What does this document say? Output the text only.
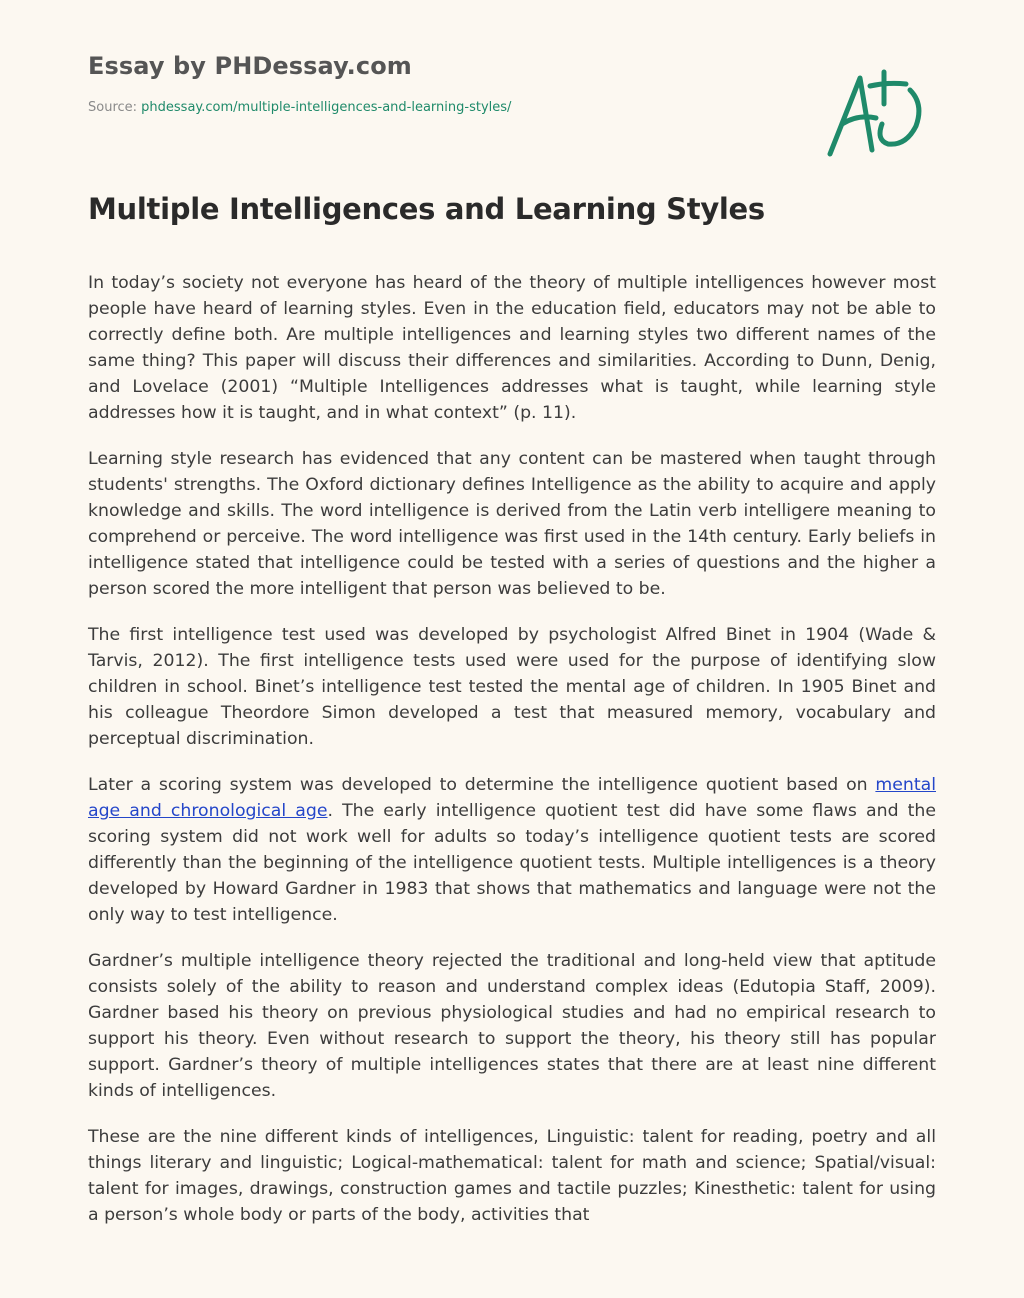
Essay by PHDessay.com
Source: phdessay.com/multiple-intelligences-and-learning-styles/
Multiple Intelligences and Learning Styles

In today’s society not everyone has heard of the theory of multiple intelligences however most people have heard of learning styles. Even in the education field, educators may not be able to correctly define both. Are multiple intelligences and learning styles two different names of the same thing? This paper will discuss their differences and similarities. According to Dunn, Denig, and Lovelace (2001) “Multiple Intelligences addresses what is taught, while learning style addresses how it is taught, and in what context” (p. 11).

Learning style research has evidenced that any content can be mastered when taught through students' strengths. The Oxford dictionary defines Intelligence as the ability to acquire and apply knowledge and skills. The word intelligence is derived from the Latin verb intelligere meaning to comprehend or perceive. The word intelligence was first used in the 14th century. Early beliefs in intelligence stated that intelligence could be tested with a series of questions and the higher a person scored the more intelligent that person was believed to be.

The first intelligence test used was developed by psychologist Alfred Binet in 1904 (Wade & Tarvis, 2012). The first intelligence tests used were used for the purpose of identifying slow children in school. Binet’s intelligence test tested the mental age of children. In 1905 Binet and his colleague Theordore Simon developed a test that measured memory, vocabulary and perceptual discrimination.

Later a scoring system was developed to determine the intelligence quotient based on mental age and chronological age. The early intelligence quotient test did have some flaws and the scoring system did not work well for adults so today’s intelligence quotient tests are scored differently than the beginning of the intelligence quotient tests. Multiple intelligences is a theory developed by Howard Gardner in 1983 that shows that mathematics and language were not the only way to test intelligence.

Gardner’s multiple intelligence theory rejected the traditional and long-held view that aptitude consists solely of the ability to reason and understand complex ideas (Edutopia Staff, 2009). Gardner based his theory on previous physiological studies and had no empirical research to support his theory. Even without research to support the theory, his theory still has popular support. Gardner’s theory of multiple intelligences states that there are at least nine different kinds of intelligences.

These are the nine different kinds of intelligences, Linguistic: talent for reading, poetry and all things literary and linguistic; Logical-mathematical: talent for math and science; Spatial/visual: talent for images, drawings, construction games and tactile puzzles; Kinesthetic: talent for using a person’s whole body or parts of the body, activities that
